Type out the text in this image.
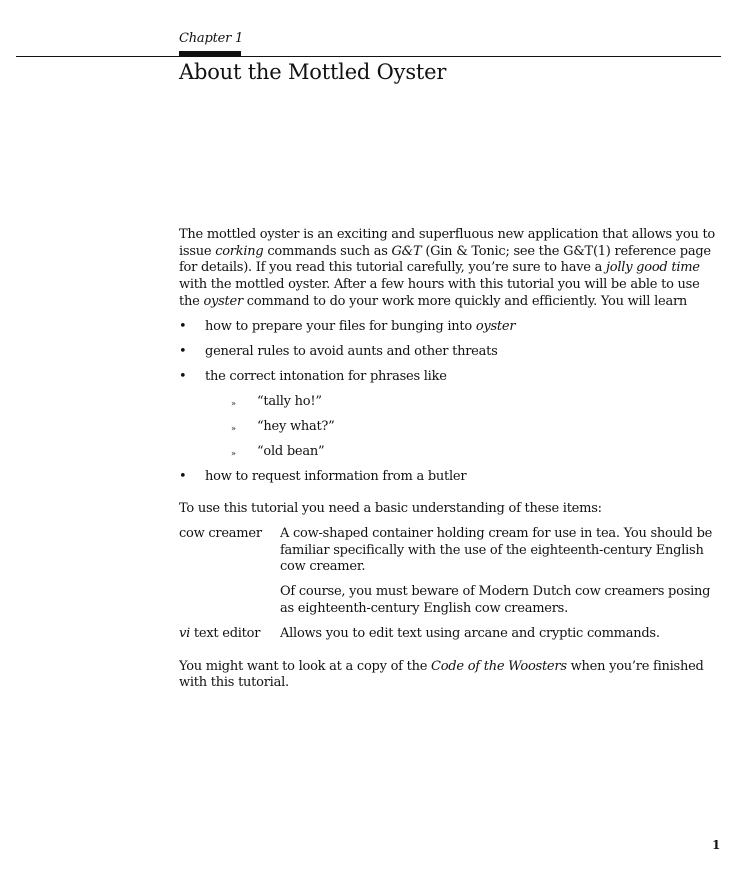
Chapter 1
About the Mottled Oyster

The mottled oyster is an exciting and superfluous new application that allows you to issue corking commands such as G&T (Gin & Tonic; see the G&T(1) reference page for details). If you read this tutorial carefully, you’re sure to have a jolly good time with the mottled oyster. After a few hours with this tutorial you will be able to use the oyster command to do your work more quickly and efficiently. You will learn

• how to prepare your files for bunging into oyster
• general rules to avoid aunts and other threats
• the correct intonation for phrases like
» “tally ho!”
» “hey what?”
» “old bean”
• how to request information from a butler

To use this tutorial you need a basic understanding of these items:

cow creamer	A cow-shaped container holding cream for use in tea. You should be familiar specifically with the use of the eighteenth-century English cow creamer.

Of course, you must beware of Modern Dutch cow creamers posing as eighteenth-century English cow creamers.

vi text editor	Allows you to edit text using arcane and cryptic commands.

You might want to look at a copy of the Code of the Woosters when you’re finished with this tutorial.

1
